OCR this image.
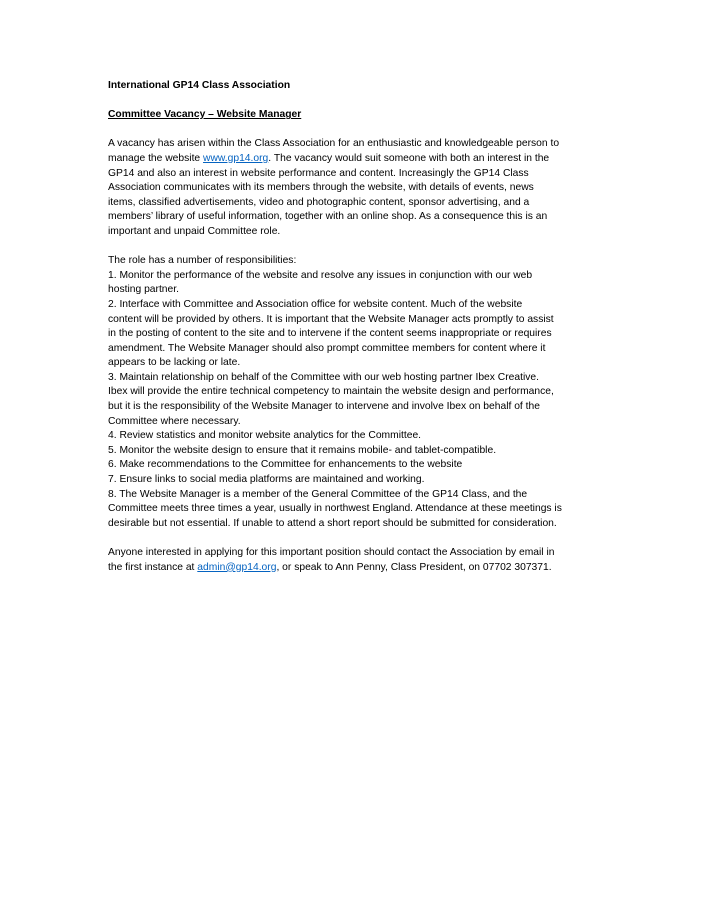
International GP14 Class Association
Committee Vacancy – Website Manager
A vacancy has arisen within the Class Association for an enthusiastic and knowledgeable person to
manage the website www.gp14.org. The vacancy would suit someone with both an interest in the
GP14 and also an interest in website performance and content. Increasingly the GP14 Class
Association communicates with its members through the website, with details of events, news
items, classified advertisements, video and photographic content, sponsor advertising, and a
members’ library of useful information, together with an online shop. As a consequence this is an
important and unpaid Committee role.
The role has a number of responsibilities:
1. Monitor the performance of the website and resolve any issues in conjunction with our web
hosting partner.
2. Interface with Committee and Association office for website content. Much of the website
content will be provided by others. It is important that the Website Manager acts promptly to assist
in the posting of content to the site and to intervene if the content seems inappropriate or requires
amendment. The Website Manager should also prompt committee members for content where it
appears to be lacking or late.
3. Maintain relationship on behalf of the Committee with our web hosting partner Ibex Creative.
Ibex will provide the entire technical competency to maintain the website design and performance,
but it is the responsibility of the Website Manager to intervene and involve Ibex on behalf of the
Committee where necessary.
4. Review statistics and monitor website analytics for the Committee.
5. Monitor the website design to ensure that it remains mobile- and tablet-compatible.
6. Make recommendations to the Committee for enhancements to the website
7. Ensure links to social media platforms are maintained and working.
8. The Website Manager is a member of the General Committee of the GP14 Class, and the
Committee meets three times a year, usually in northwest England. Attendance at these meetings is
desirable but not essential. If unable to attend a short report should be submitted for consideration.
Anyone interested in applying for this important position should contact the Association by email in
the first instance at admin@gp14.org, or speak to Ann Penny, Class President, on 07702 307371.
